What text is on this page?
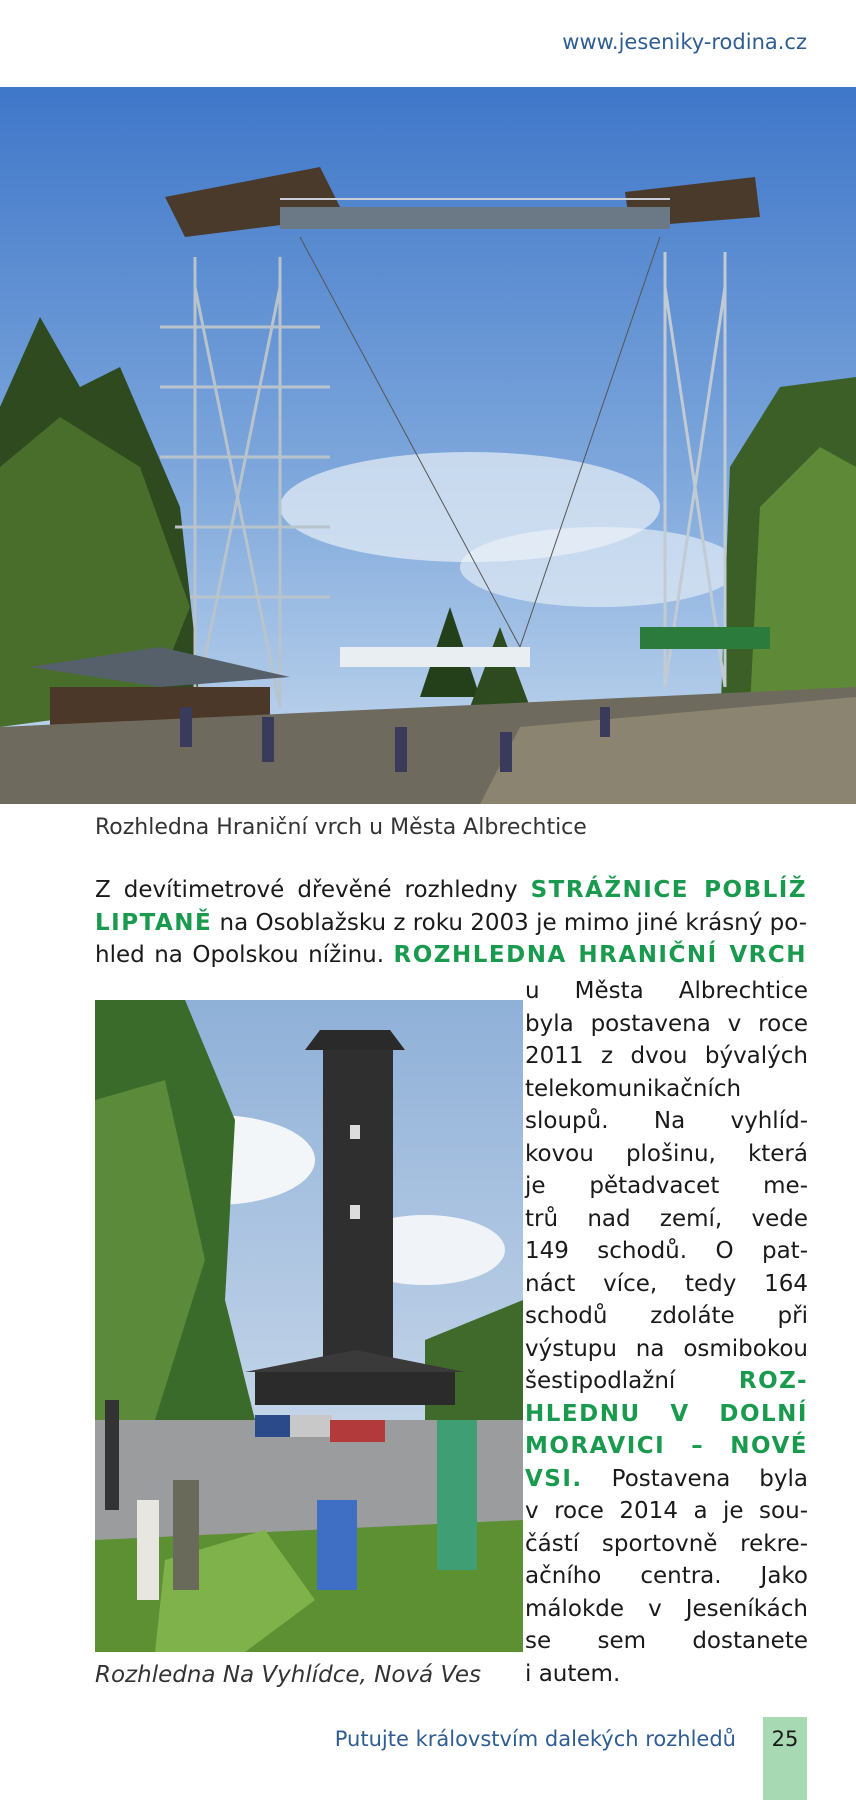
www.jeseniky-rodina.cz
Rozhledna Hraniční vrch u Města Albrechtice
Z devítimetrové dřevěné rozhledny STRÁŽNICE POBLÍŽ
LIPTANĚ na Osoblažsku z roku 2003 je mimo jiné krásný po-
hled na Opolskou nížinu. ROZHLEDNA HRANIČNÍ VRCH
Rozhledna Na Vyhlídce, Nová Ves
u Města Albrechtice
byla postavena v roce
2011 z dvou bývalých
telekomunikačních
sloupů. Na vyhlíd-
kovou plošinu, která
je pětadvacet me-
trů nad zemí, vede
149 schodů. O pat-
náct více, tedy 164
schodů zdoláte při
výstupu na osmibokou
šestipodlažní ROZ-
HLEDNU V DOLNÍ
MORAVICI – NOVÉ
VSI. Postavena byla
v roce 2014 a je sou-
částí sportovně rekre-
ačního centra. Jako
málokde v Jeseníkách
se sem dostanete
i autem.
Putujte královstvím dalekých rozhledů	25
